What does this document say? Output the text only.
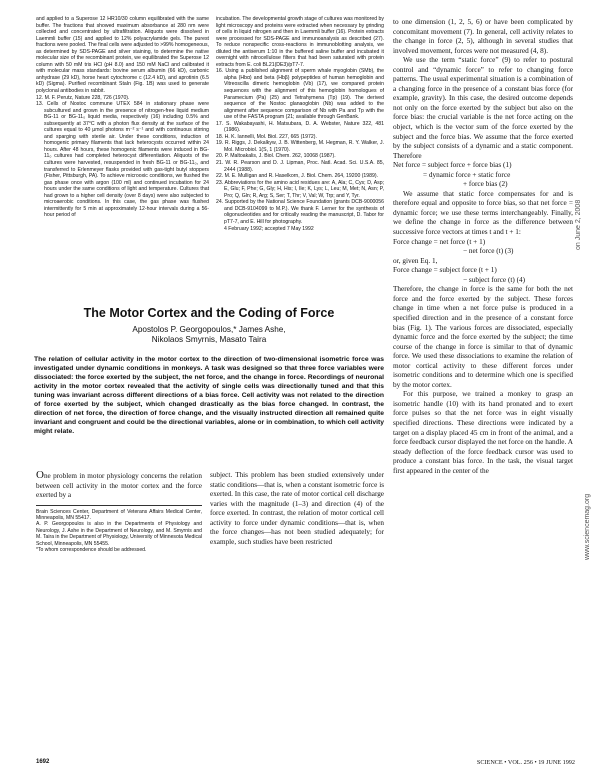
and applied to a Superose 12 HR10/30 column equilibrated with the same buffer. The fractions that showed maximum absorbance at 280 nm were collected and concentrated by ultrafiltration. Aliquots were dissolved in Laemmli buffer (15) and applied to 12% polyacrylamide gels. The purest fractions were pooled. The final cells were adjusted to >99% homogeneous, as determined by SDS-PAGE and silver staining, to determine the native molecular size of the recombinant protein, we equilibrated the Superose 12 column with 50 mM tris HCl (pH 8.0) and 150 mM NaCl and calibrated it with molecular mass standards: bovine serum albumin (66 kD), carbonic anhydrase (29 kD), horse heart cytochrome c (12.4 kD), and aprotinin (6.5 kD) (Sigma). Purified recombinant StaIn (Fig. 1B) was used to generate polyclonal antibodies in rabbit.

12. M. F. Perutz, Nature 228, 726 (1970).

13. Cells of Nostoc commune UTEX 584 in stationary phase were subcultured and grown in the presence of nitrogen-free liquid medium BG-11 or BG-11₀ liquid media, respectively (16) including 0.5% and subsequently at 37°C with a photon flux density at the surface of the cultures equal to 40 μmol photons m⁻² s⁻¹ and with continuous stirring and sparging with sterile air. Under these conditions, induction of homogenic primary filaments that lack heterocysts occurred within 24 hours. After 48 hours, these homogenic filaments were induced in BG-11₀ cultures had completed heterocyst differentiation. Aliquots of the cultures were harvested, resuspended in fresh BG-11 or BG-11₀, and transferred to Erlenmeyer flasks provided with gas-tight butyl stoppers (Fisher, Pittsburgh, PA). To achieve microoxic conditions, we flushed the gas phase once with argon (100 ml) and continued incubation for 24 hours under the same conditions of light and temperature. Cultures that had grown to a higher cell density (over 8 days) were also subjected to microaerobic conditions. In this case, the gas phase was flushed intermittently for 5 min at approximately 12-hour intervals during a 56-hour period of

incubation. The developmental growth stage of cultures was monitored by light microscopy and proteins were extracted when necessary by grinding of cells in liquid nitrogen and then in Laemmli buffer (16). Protein extracts were processed for SDS-PAGE and immunoanalysis as described (27). To reduce nonspecific cross-reactions in immunoblotting analysis, we diluted the antiserum 1:10 in the buffered saline buffer and incubated it overnight with nitrocellulose filters that had been saturated with protein extracts from E. coli BL21(DE3)/pT7-7.

16. Using a published alignment of sperm whale myoglobin (SMb), the alpha (Hbα) and beta (Hbβ) polypeptides of human hemoglobin and Vitreoscilla dimeric hemoglobin (Vb) (17), we compared protein sequences with the alignment of this hemoglobin homologues of Paramecium (Pa) (25) and Tetrahymena (Tp) (19). The derived sequence of the Nostoc glanaoglobin (Nb) was added to the alignment after sequence comparison of Nb with Pa and Tp with the use of the FASTA program (21; available through GenBank.

17. S. Wakabayashi, H. Matsubara, D. A. Webster, Nature 322, 481 (1986).

18. H. K. Iannelli, Mol. Biol. 227, 665 (1972).

19. R. Riggs, J. Dekalkyw, J. B. Wittenberg, M. Hegman, R. Y. Walker, J. Mol. Microbiol. 1(S, 1 (1970).

20. P. Maltoakalis, J. Biol. Chem. 262, 10068 (1987).

21. W. R. Pearson and D. J. Lipman, Proc. Natl. Acad. Sci. U.S.A. 85, 2444 (1988).

22. M. E. Mulligan and R. Haselkorn, J. Biol. Chem. 264, 19200 (1989).

23. Abbreviations for the amino acid residues are: A, Ala; C, Cys; D, Asp; E, Glu; F, Phe; G, Gly; H, His; I, Ile; K, Lys; L, Leu; M, Met; N, Asn; P, Pro; Q, Gln; R, Arg; S, Ser; T, Thr; V, Val; W, Trp; and Y, Tyr.

24. Supported by the National Science Foundation (grants DCB-9000056 and DCB-9104099 to M.P.). We thank F. Lerner for the synthesis of oligonucleotides and for critically reading the manuscript, D. Tabor for pT7-7, and E. Hill for photography.

4 February 1992; accepted 7 May 1992

The Motor Cortex and the Coding of Force
Apostolos P. Georgopoulos,* James Ashe,
Nikolaos Smyrnis, Masato Taira

The relation of cellular activity in the motor cortex to the direction of two-dimensional isometric force was investigated under dynamic conditions in monkeys. A task was designed so that three force variables were dissociated: the force exerted by the subject, the net force, and the change in force. Recordings of neuronal activity in the motor cortex revealed that the activity of single cells was directionally tuned and that this tuning was invariant across different directions of a bias force. Cell activity was not related to the direction of force exerted by the subject, which changed drastically as the bias force changed. In contrast, the direction of net force, the direction of force change, and the visually instructed direction all remained quite invariant and congruent and could be the directional variables, alone or in combination, to which cell activity might relate.

One problem in motor physiology concerns the relation between cell activity in the motor cortex and the force exerted by a

Brain Sciences Center, Department of Veterans Affairs Medical Center, Minneapolis, MN 55417.

A. P. Georgopoulos is also in the Departments of Physiology and Neurology, J. Ashe in the Department of Neurology, and M. Smyrnis and M. Taira in the Department of Physiology, University of Minnesota Medical School, Minneapolis, MN 55455.

*To whom correspondence should be addressed.

subject. This problem has been studied extensively under static conditions—that is, when a constant isometric force is exerted. In this case, the rate of motor cortical cell discharge varies with the magnitude (1–3) and direction (4) of the force exerted. In contrast, the relation of motor cortical cell activity to force under dynamic conditions—that is, when the force changes—has not been studied adequately; for example, such studies have been restricted

to one dimension (1, 2, 5, 6) or have been complicated by concomitant movement (7). In general, cell activity relates to the change in force (2, 5), although in several studies that involved movement, forces were not measured (4, 8).

We use the term “static force” (9) to refer to postural control and “dynamic force” to refer to changing force patterns. The usual experimental situation is a combination of a changing force in the presence of a constant bias force (for example, gravity). In this case, the desired outcome depends not only on the force exerted by the subject but also on the force bias: the crucial variable is the net force acting on the object, which is the vector sum of the force exerted by the subject and the force bias. We assume that the force exerted by the subject consists of a dynamic and a static component. Therefore

Net force = subject force + force bias (1)

= dynamic force + static force

+ force bias (2)

We assume that static force compensates for and is therefore equal and opposite to force bias, so that net force = dynamic force; we use these terms interchangeably. Finally, we define the change in force as the difference between successive force vectors at times t and t + 1:

Force change = net force (t + 1)

− net force (t) (3)

or, given Eq. 1,

Force change = subject force (t + 1)

− subject force (t) (4)

Therefore, the change in force is the same for both the net force and the force exerted by the subject. These forces change in time when a net force pulse is produced in a specified direction and in the presence of a constant force bias (Fig. 1). The various forces are dissociated, especially dynamic force and the force exerted by the subject; the time course of the change in force is similar to that of dynamic force. We used these dissociations to examine the relation of motor cortical activity to these different forces under isometric conditions and to determine which one is specified by the motor cortex.

For this purpose, we trained a monkey to grasp an isometric handle (10) with its hand pronated and to exert force pulses so that the net force was in eight visually specified directions. These directions were indicated by a target on a display placed 45 cm in front of the animal, and a force feedback cursor displayed the net force on the handle. A steady deflection of the force feedback cursor was used to produce a constant bias force. In the task, the visual target first appeared in the center of the

1692	SCIENCE • VOL. 256 • 19 JUNE 1992

on June 2, 2008
www.sciencemag.org
